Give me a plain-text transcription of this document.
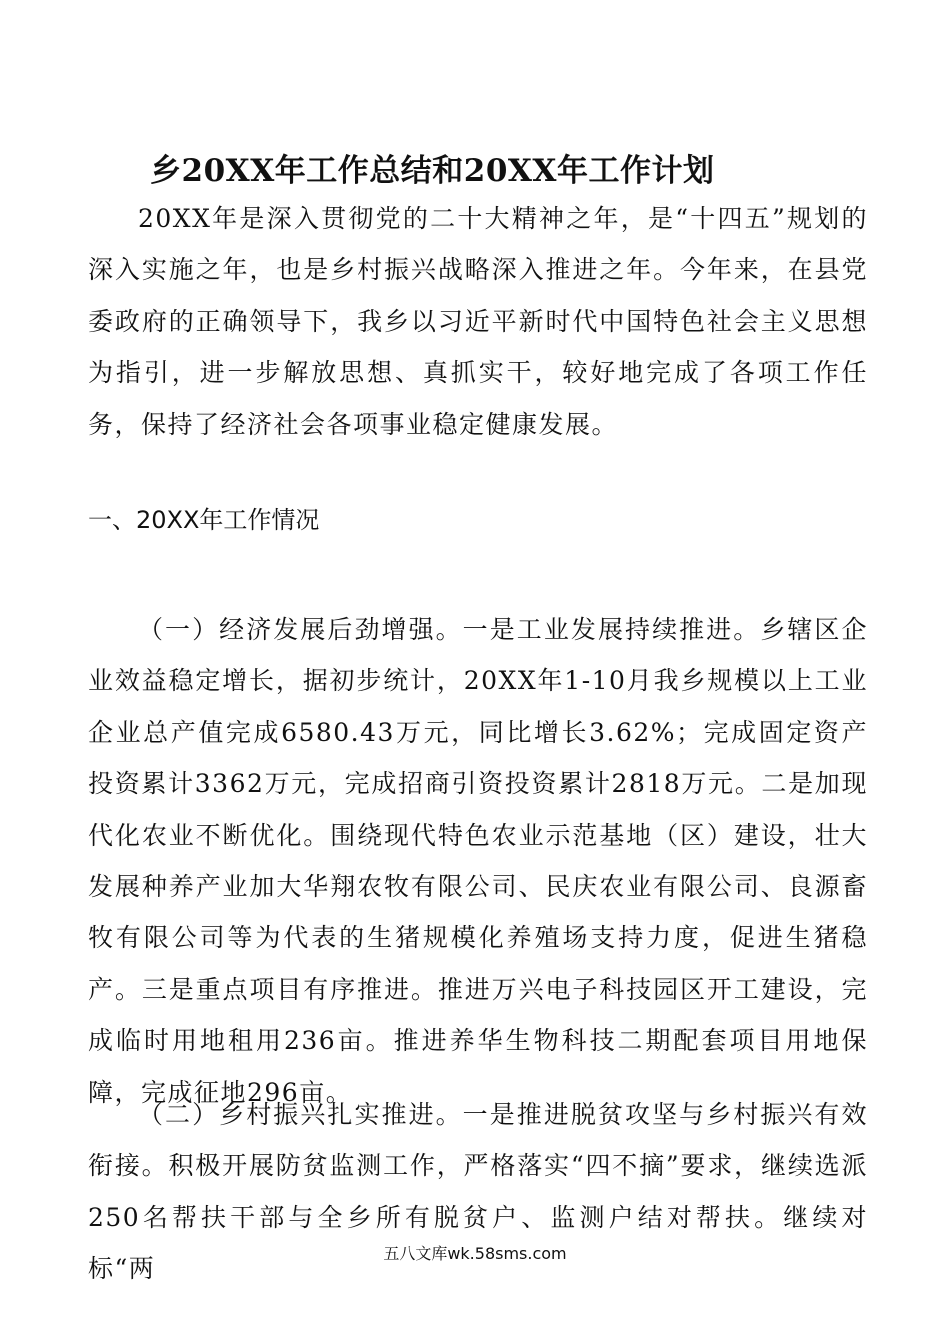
乡20XX年工作总结和20XX年工作计划

20XX年是深入贯彻党的二十大精神之年，是“十四五”规划的深入实施之年，也是乡村振兴战略深入推进之年。今年来，在县党委政府的正确领导下，我乡以习近平新时代中国特色社会主义思想为指引，进一步解放思想、真抓实干，较好地完成了各项工作任务，保持了经济社会各项事业稳定健康发展。

一、20XX年工作情况

（一）经济发展后劲增强。一是工业发展持续推进。乡辖区企业效益稳定增长，据初步统计，20XX年1-10月我乡规模以上工业企业总产值完成6580.43万元，同比增长3.62%；完成固定资产投资累计3362万元，完成招商引资投资累计2818万元。二是加现代化农业不断优化。围绕现代特色农业示范基地（区）建设，壮大发展种养产业加大华翔农牧有限公司、民庆农业有限公司、良源畜牧有限公司等为代表的生猪规模化养殖场支持力度，促进生猪稳产。三是重点项目有序推进。推进万兴电子科技园区开工建设，完成临时用地租用236亩。推进养华生物科技二期配套项目用地保障，完成征地296亩。

（二）乡村振兴扎实推进。一是推进脱贫攻坚与乡村振兴有效衔接。积极开展防贫监测工作，严格落实“四不摘”要求，继续选派250名帮扶干部与全乡所有脱贫户、监测户结对帮扶。继续对标“两

五八文库wk.58sms.com
